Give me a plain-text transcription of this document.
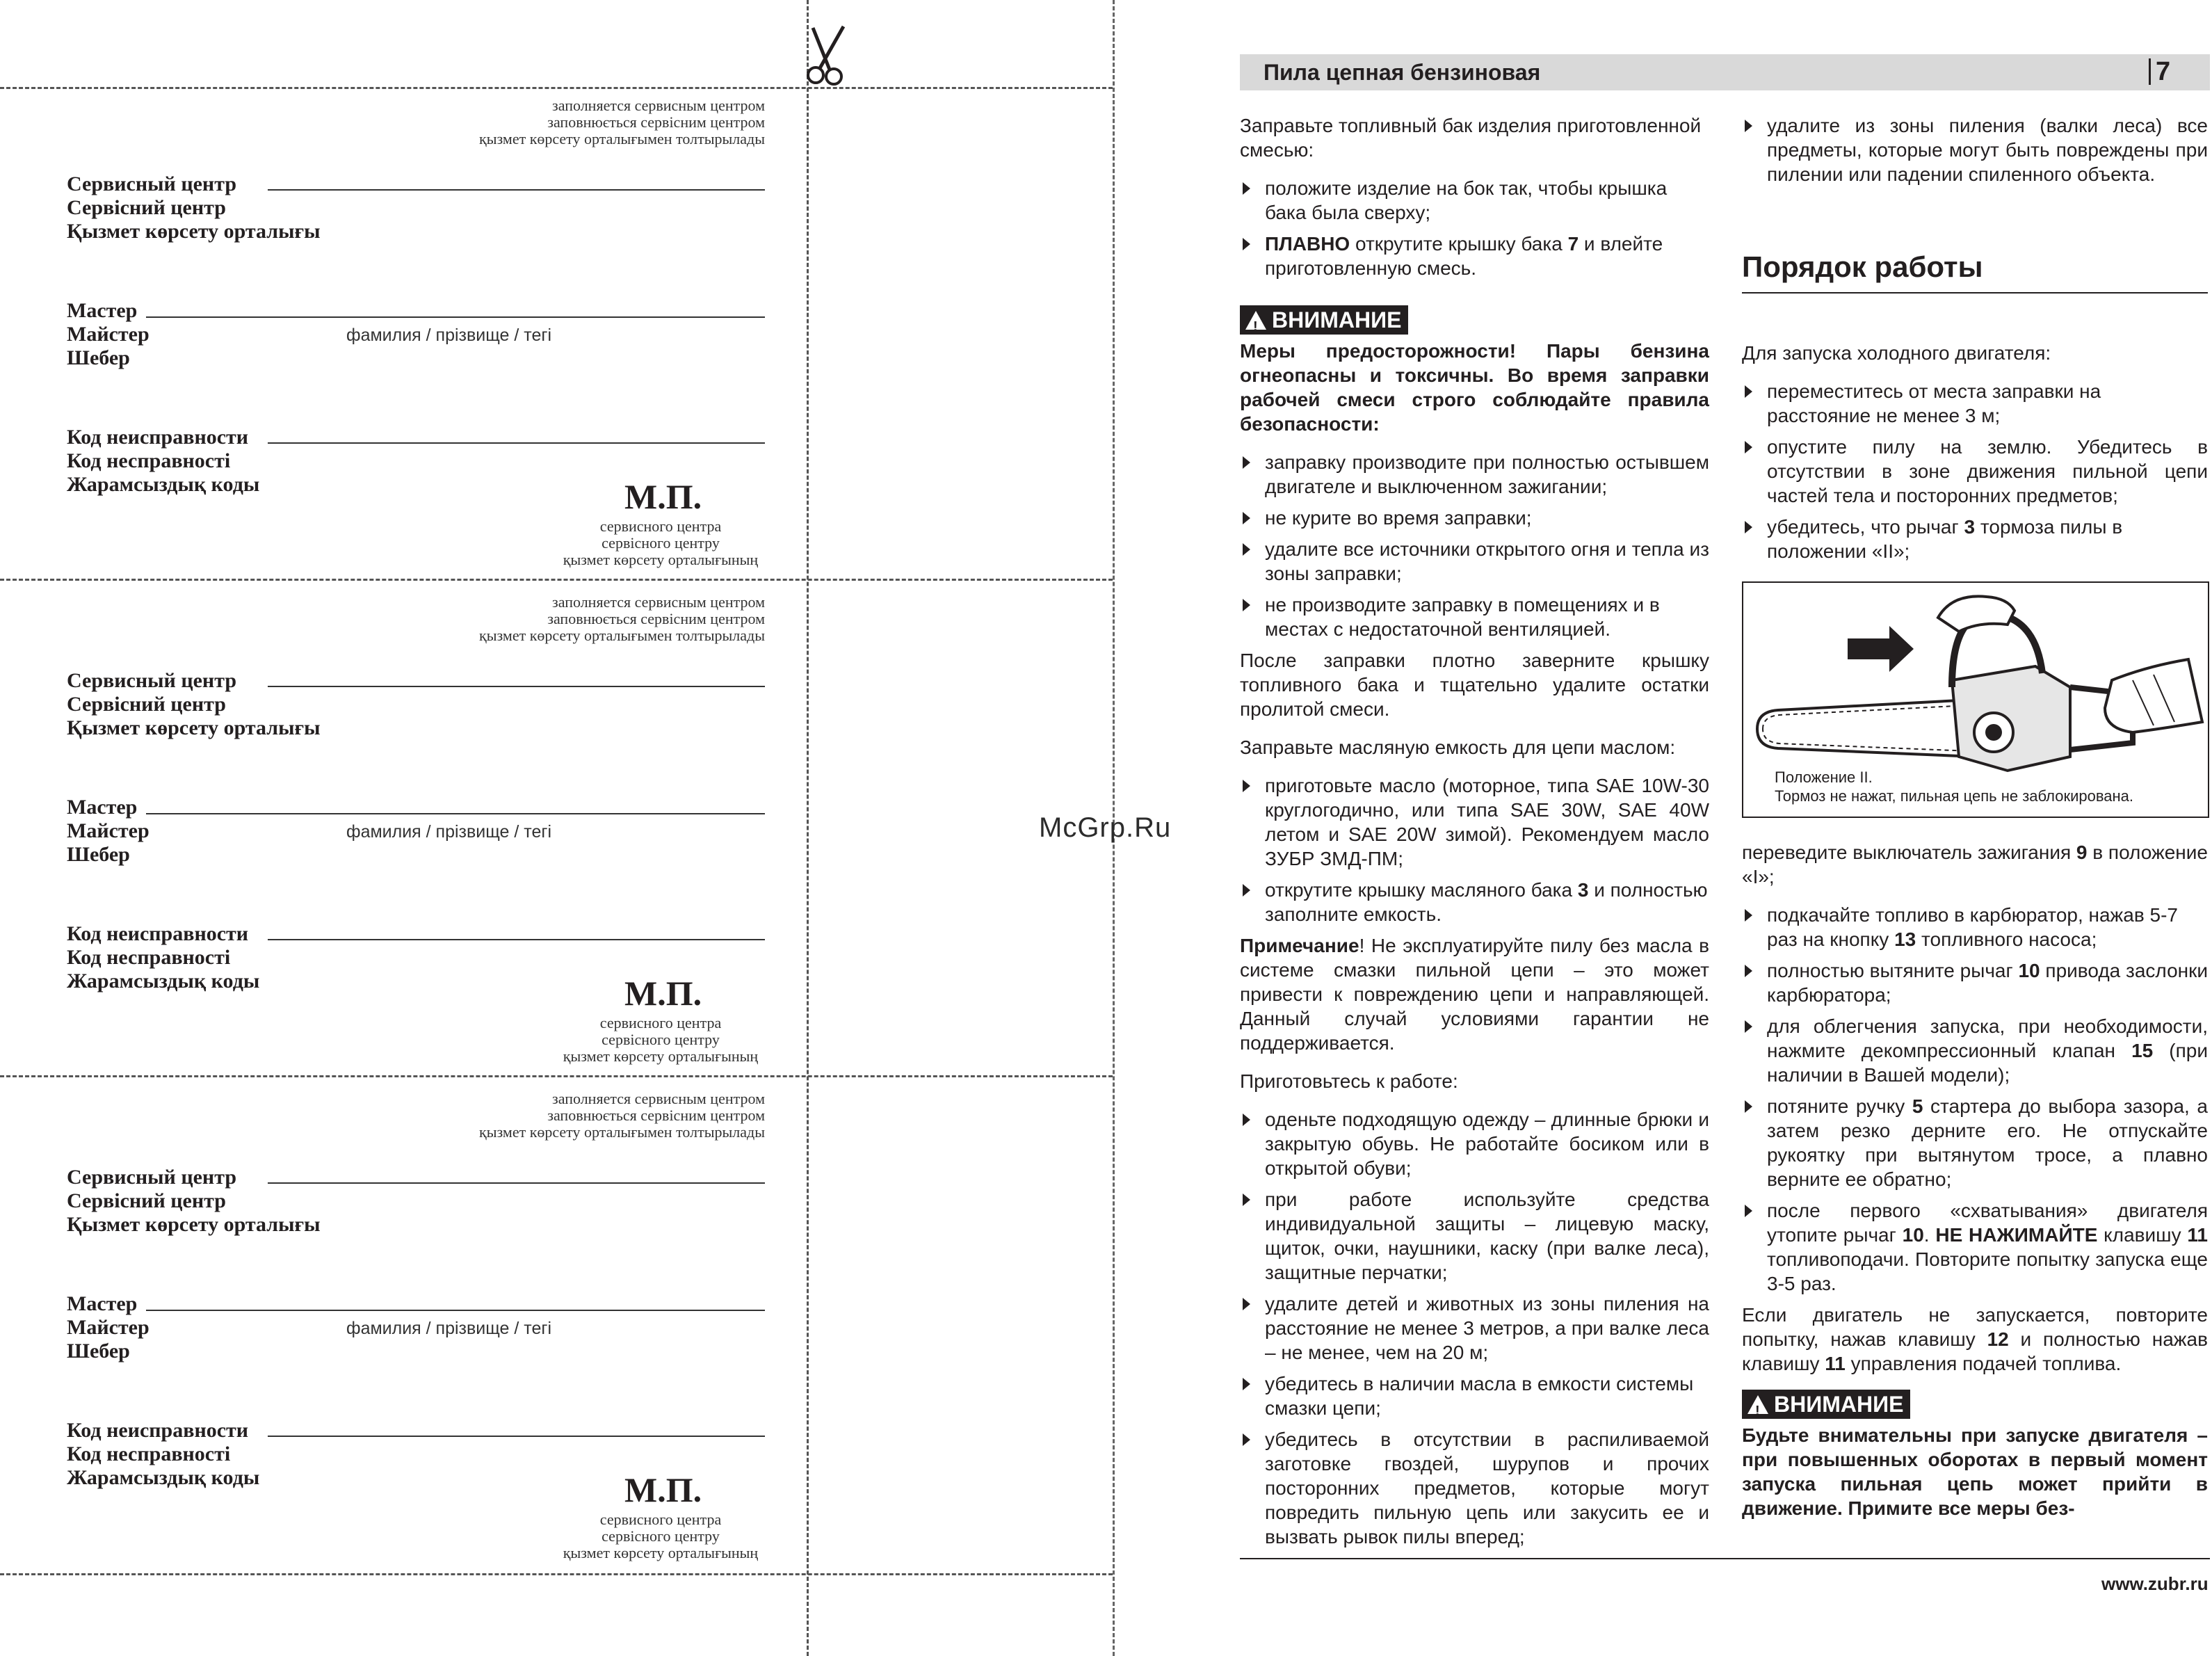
заполняется сервисным центром
заповнюється сервісним центром
қызмет көрсету орталығымен толтырылады
Сервисный центр
Сервісний центр
Қызмет көрсету орталығы
Мастер
Майстер
Шебер
фамилия / прізвище / тегі
Код неисправности
Код несправності
Жарамсыздық коды	М.П.
сервисного центра
сервісного центру
қызмет көрсету орталығының
заполняется сервисным центром
заповнюється сервісним центром
қызмет көрсету орталығымен толтырылады
Сервисный центр
Сервісний центр
Қызмет көрсету орталығы
Мастер
Майстер
Шебер
фамилия / прізвище / тегі
Код неисправности
Код несправності
Жарамсыздық коды	М.П.
сервисного центра
сервісного центру
қызмет көрсету орталығының
заполняется сервисным центром
заповнюється сервісним центром
қызмет көрсету орталығымен толтырылады
Сервисный центр
Сервісний центр
Қызмет көрсету орталығы
Мастер
Майстер
Шебер
фамилия / прізвище / тегі
Код неисправности
Код несправності
Жарамсыздық коды	М.П.
сервисного центра
сервісного центру
қызмет көрсету орталығының
McGrp.Ru
Пила цепная бензиновая	7

Заправьте топливный бак изделия приготовленной смесью:

положите изделие на бок так, чтобы крышка бака была сверху;
ПЛАВНО открутите крышку бака 7 и влейте приготовленную смесь.
!ВНИМАНИЕ

Меры предосторожности! Пары бензина огнеопасны и токсичны. Во время заправки рабочей смеси строго соблюдайте правила безопасности:

заправку производите при полностью остывшем двигателе и выключенном зажигании;
не курите во время заправки;
удалите все источники открытого огня и тепла из зоны заправки;
не производите заправку в помещениях и в местах с недостаточной вентиляцией.

После заправки плотно заверните крышку топливного бака и тщательно удалите остатки пролитой смеси.

Заправьте масляную емкость для цепи маслом:

приготовьте масло (моторное, типа SAE 10W-30 круглогодично, или типа SAE 30W, SAE 40W летом и SAE 20W зимой). Рекомендуем масло ЗУБР ЗМД-ПМ;
открутите крышку масляного бака 3 и полностью заполните емкость.

Примечание! Не эксплуатируйте пилу без масла в системе смазки пильной цепи – это может привести к повреждению цепи и направляющей. Данный случай условиями гарантии не поддерживается.

Приготовьтесь к работе:

оденьте подходящую одежду – длинные брюки и закрытую обувь. Не работайте босиком или в открытой обуви;
при работе используйте средства индивидуальной защиты – лицевую маску, щиток, очки, наушники, каску (при валке леса), защитные перчатки;
удалите детей и животных из зоны пиления на расстояние не менее 3 метров, а при валке леса – не менее, чем на 20 м;
убедитесь в наличии масла в емкости системы смазки цепи;
убедитесь в отсутствии в распиливаемой заготовке гвоздей, шурупов и прочих посторонних предметов, которые могут повредить пильную цепь или закусить ее и вызвать рывок пилы вперед;
удалите из зоны пиления (валки леса) все предметы, которые могут быть повреждены при пилении или падении спиленного объекта.
Порядок работы

Для запуска холодного двигателя:

переместитесь от места заправки на расстояние не менее 3 м;
опустите пилу на землю. Убедитесь в отсутствии в зоне движения пильной цепи частей тела и посторонних предметов;
убедитесь, что рычаг 3 тормоза пилы в положении «II»;
Положение II.
Тормоз не нажат, пильная цепь не заблокирована.

переведите выключатель зажигания 9 в положение «I»;

подкачайте топливо в карбюратор, нажав 5-7 раз на кнопку 13 топливного насоса;
полностью вытяните рычаг 10 привода заслонки карбюратора;
для облегчения запуска, при необходимости, нажмите декомпрессионный клапан 15 (при наличии в Вашей модели);
потяните ручку 5 стартера до выбора зазора, а затем резко дерните его. Не отпускайте рукоятку при вытянутом тросе, а плавно верните ее обратно;
после первого «схватывания» двигателя утопите рычаг 10. НЕ НАЖИМАЙТЕ клавишу 11 топливоподачи. Повторите попытку запуска еще 3-5 раз.

Если двигатель не запускается, повторите попытку, нажав клавишу 12 и полностью нажав клавишу 11 управления подачей топлива.

!ВНИМАНИЕ

Будьте внимательны при запуске двигателя – при повышенных оборотах в первый момент запуска пильная цепь может прийти в движение. Примите все меры без-

www.zubr.ru
